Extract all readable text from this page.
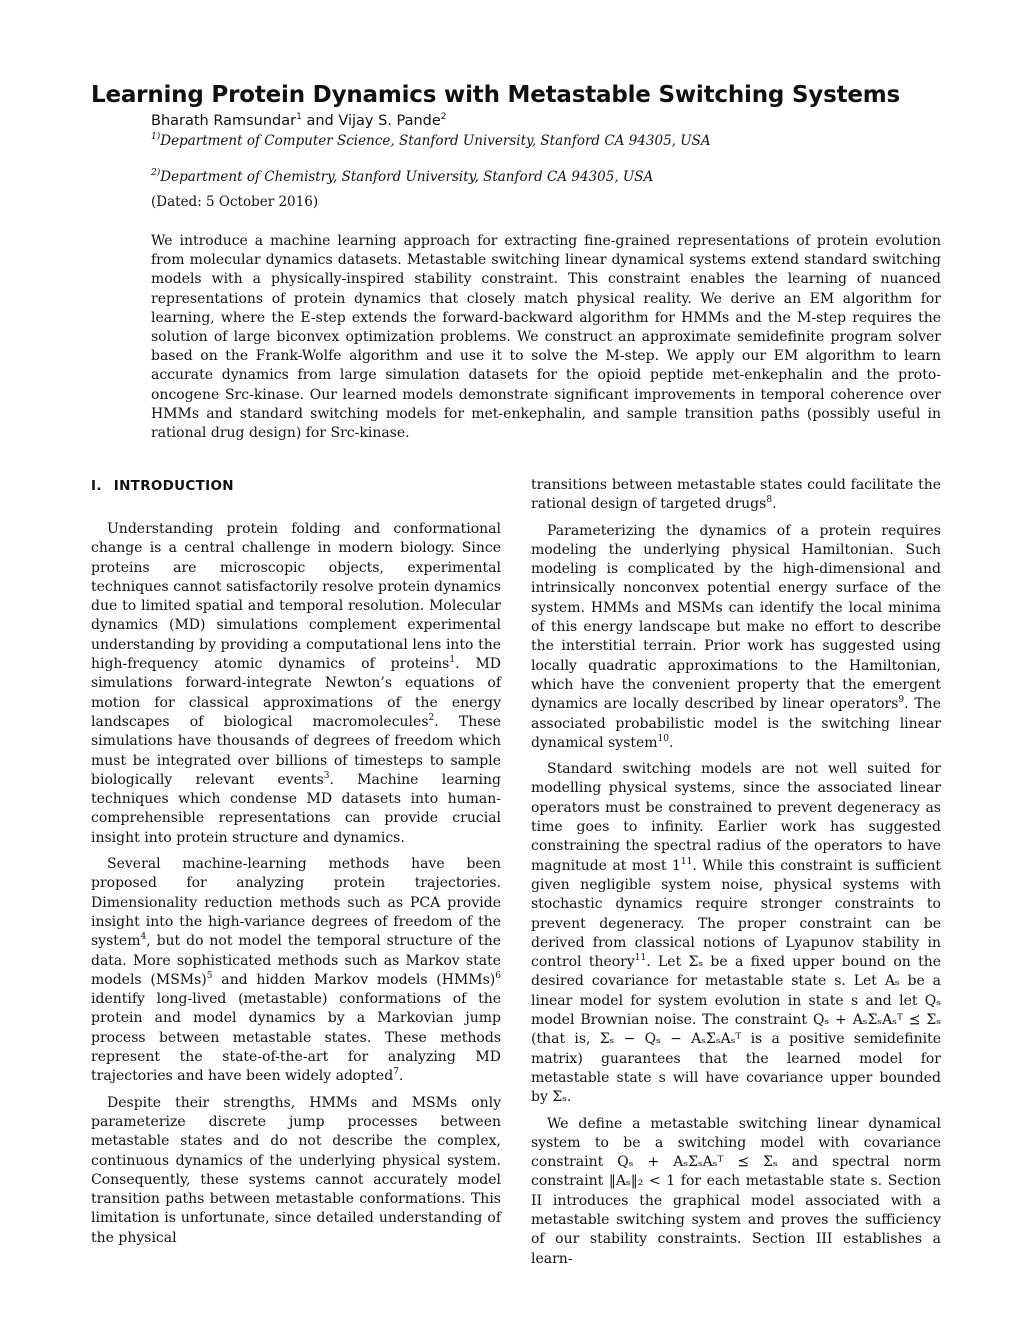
Learning Protein Dynamics with Metastable Switching Systems
Bharath Ramsundar$^1$ and Vijay S. Pande$^2$
$^{1)}$Department of Computer Science, Stanford University, Stanford CA 94305, USA
$^{2)}$Department of Chemistry, Stanford University, Stanford CA 94305, USA
(Dated: 5 October 2016)

We introduce a machine learning approach for extracting fine-grained representations of protein evolution from molecular dynamics datasets. Metastable switching linear dynamical systems extend standard switching models with a physically-inspired stability constraint. This constraint enables the learning of nuanced representations of protein dynamics that closely match physical reality. We derive an EM algorithm for learning, where the E-step extends the forward-backward algorithm for HMMs and the M-step requires the solution of large biconvex optimization problems. We construct an approximate semidefinite program solver based on the Frank-Wolfe algorithm and use it to solve the M-step. We apply our EM algorithm to learn accurate dynamics from large simulation datasets for the opioid peptide met-enkephalin and the proto-oncogene Src-kinase. Our learned models demonstrate significant improvements in temporal coherence over HMMs and standard switching models for met-enkephalin, and sample transition paths (possibly useful in rational drug design) for Src-kinase.

I. INTRODUCTION

Understanding protein folding and conformational change is a central challenge in modern biology. Since proteins are microscopic objects, experimental techniques cannot satisfactorily resolve protein dynamics due to limited spatial and temporal resolution. Molecular dynamics (MD) simulations complement experimental understanding by providing a computational lens into the high-frequency atomic dynamics of proteins$^1$. MD simulations forward-integrate Newton’s equations of motion for classical approximations of the energy landscapes of biological macromolecules$^2$. These simulations have thousands of degrees of freedom which must be integrated over billions of timesteps to sample biologically relevant events$^3$. Machine learning techniques which condense MD datasets into human-comprehensible representations can provide crucial insight into protein structure and dynamics.

Several machine-learning methods have been proposed for analyzing protein trajectories. Dimensionality reduction methods such as PCA provide insight into the high-variance degrees of freedom of the system$^4$, but do not model the temporal structure of the data. More sophisticated methods such as Markov state models (MSMs)$^5$ and hidden Markov models (HMMs)$^6$ identify long-lived (metastable) conformations of the protein and model dynamics by a Markovian jump process between metastable states. These methods represent the state-of-the-art for analyzing MD trajectories and have been widely adopted$^7$.

Despite their strengths, HMMs and MSMs only parameterize discrete jump processes between metastable states and do not describe the complex, continuous dynamics of the underlying physical system. Consequently, these systems cannot accurately model transition paths between metastable conformations. This limitation is unfortunate, since detailed understanding of the physical

transitions between metastable states could facilitate the rational design of targeted drugs$^8$.

Parameterizing the dynamics of a protein requires modeling the underlying physical Hamiltonian. Such modeling is complicated by the high-dimensional and intrinsically nonconvex potential energy surface of the system. HMMs and MSMs can identify the local minima of this energy landscape but make no effort to describe the interstitial terrain. Prior work has suggested using locally quadratic approximations to the Hamiltonian, which have the convenient property that the emergent dynamics are locally described by linear operators$^9$. The associated probabilistic model is the switching linear dynamical system$^{10}$.

Standard switching models are not well suited for modelling physical systems, since the associated linear operators must be constrained to prevent degeneracy as time goes to infinity. Earlier work has suggested constraining the spectral radius of the operators to have magnitude at most $1^{11}$. While this constraint is sufficient given negligible system noise, physical systems with stochastic dynamics require stronger constraints to prevent degeneracy. The proper constraint can be derived from classical notions of Lyapunov stability in control theory$^{11}$. Let Σₛ be a fixed upper bound on the desired covariance for metastable state s. Let Aₛ be a linear model for system evolution in state s and let Qₛ model Brownian noise. The constraint Qₛ + AₛΣₛAₛᵀ ⪯ Σₛ (that is, Σₛ − Qₛ − AₛΣₛAₛᵀ is a positive semidefinite matrix) guarantees that the learned model for metastable state s will have covariance upper bounded by Σₛ.

We define a metastable switching linear dynamical system to be a switching model with covariance constraint Qₛ + AₛΣₛAₛᵀ ⪯ Σₛ and spectral norm constraint ‖Aₛ‖₂ < 1 for each metastable state s. Section II introduces the graphical model associated with a metastable switching system and proves the sufficiency of our stability constraints. Section III establishes a learn-
